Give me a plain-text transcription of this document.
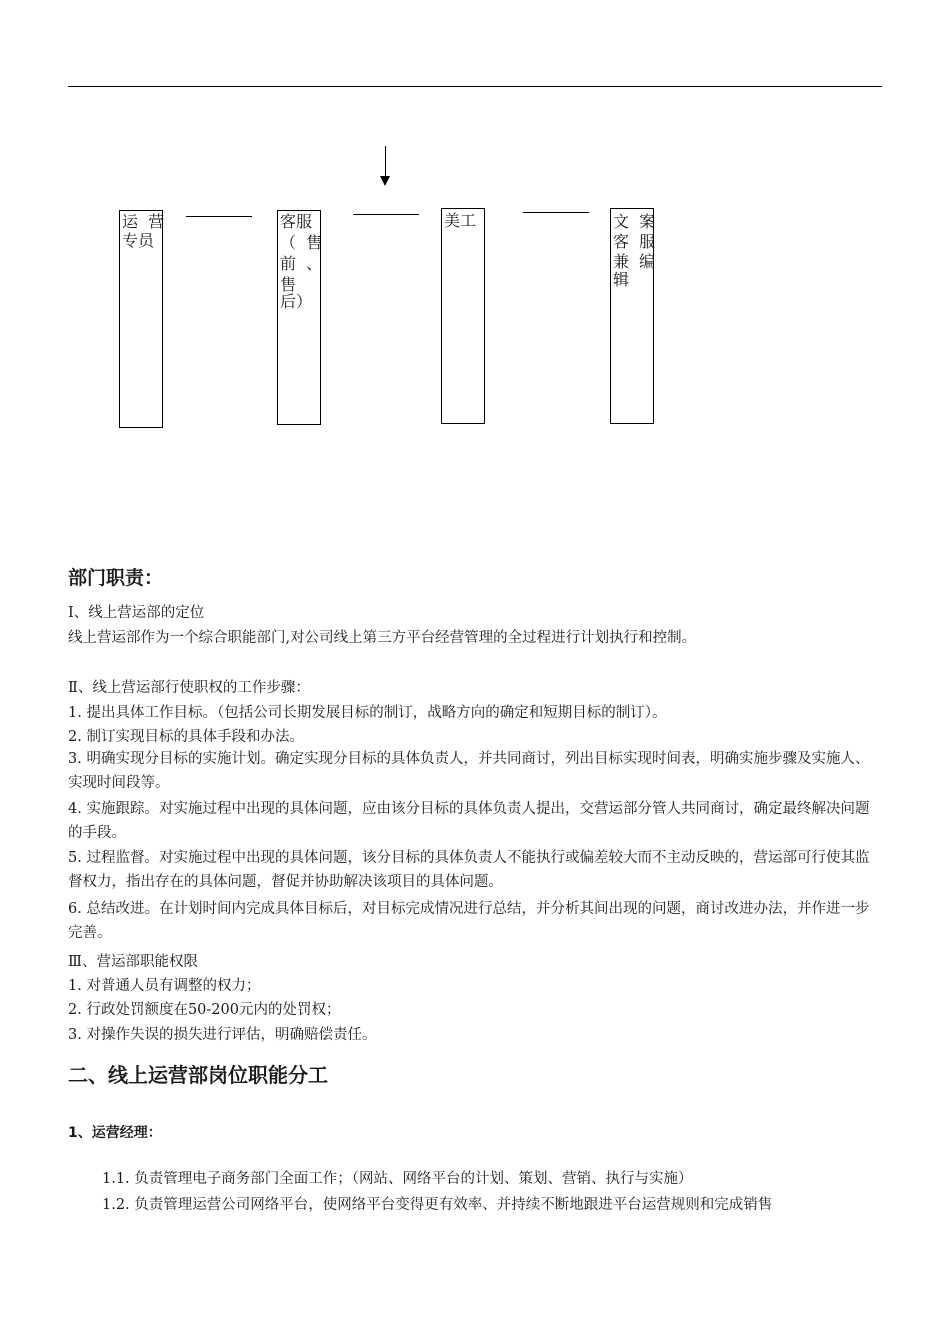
运  营
专员
客服
（  售
前  、
售
后）
美工	文  案
客  服
兼  编
辑
部门职责：
Ⅰ、线上营运部的定位
线上营运部作为一个综合职能部门,对公司线上第三方平台经营管理的全过程进行计划执行和控制。
Ⅱ、线上营运部行使职权的工作步骤：
1. 提出具体工作目标。（包括公司长期发展目标的制订，战略方向的确定和短期目标的制订）。
2. 制订实现目标的具体手段和办法。
3. 明确实现分目标的实施计划。确定实现分目标的具体负责人，并共同商讨，列出目标实现时间表，明确实施步骤及实施人、实现时间段等。
4. 实施跟踪。对实施过程中出现的具体问题，应由该分目标的具体负责人提出，交营运部分管人共同商讨，确定最终解决问题的手段。
5. 过程监督。对实施过程中出现的具体问题，该分目标的具体负责人不能执行或偏差较大而不主动反映的，营运部可行使其监督权力，指出存在的具体问题，督促并协助解决该项目的具体问题。
6. 总结改进。在计划时间内完成具体目标后，对目标完成情况进行总结，并分析其间出现的问题，商讨改进办法，并作进一步完善。
Ⅲ、营运部职能权限
1. 对普通人员有调整的权力；
2. 行政处罚额度在50-200元内的处罚权；
3. 对操作失误的损失进行评估，明确赔偿责任。
二、线上运营部岗位职能分工
1、运营经理：
1.1. 负责管理电子商务部门全面工作；（网站、网络平台的计划、策划、营销、执行与实施）
1.2. 负责管理运营公司网络平台，使网络平台变得更有效率、并持续不断地跟进平台运营规则和完成销售
